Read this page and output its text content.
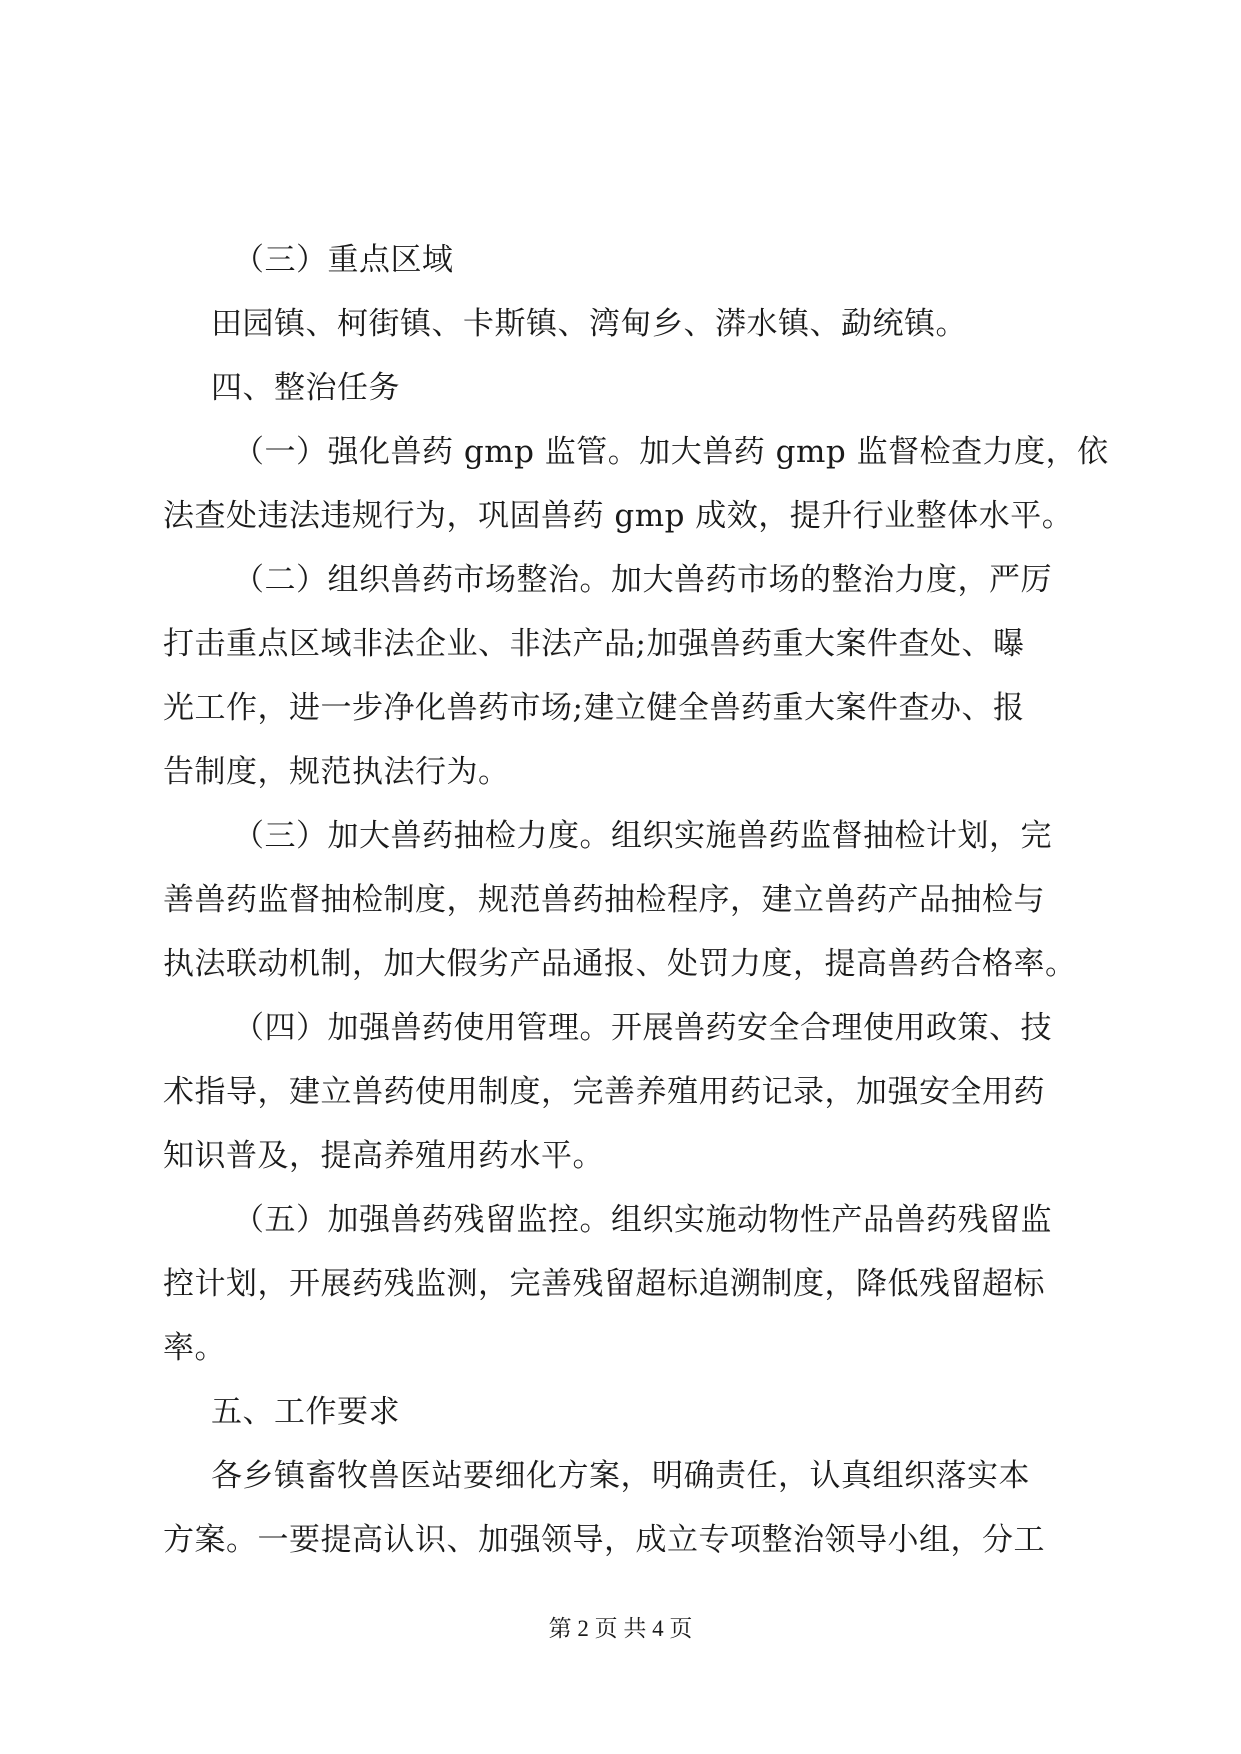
（三）重点区域
田园镇、柯街镇、卡斯镇、湾甸乡、漭水镇、勐统镇。
四、整治任务
（一）强化兽药 gmp 监管。加大兽药 gmp 监督检查力度，依
法查处违法违规行为，巩固兽药 gmp 成效，提升行业整体水平。
（二）组织兽药市场整治。加大兽药市场的整治力度，严厉
打击重点区域非法企业、非法产品;加强兽药重大案件查处、曝
光工作，进一步净化兽药市场;建立健全兽药重大案件查办、报
告制度，规范执法行为。
（三）加大兽药抽检力度。组织实施兽药监督抽检计划，完
善兽药监督抽检制度，规范兽药抽检程序，建立兽药产品抽检与
执法联动机制，加大假劣产品通报、处罚力度，提高兽药合格率。
（四）加强兽药使用管理。开展兽药安全合理使用政策、技
术指导，建立兽药使用制度，完善养殖用药记录，加强安全用药
知识普及，提高养殖用药水平。
（五）加强兽药残留监控。组织实施动物性产品兽药残留监
控计划，开展药残监测，完善残留超标追溯制度，降低残留超标
率。
五、工作要求
各乡镇畜牧兽医站要细化方案，明确责任，认真组织落实本
方案。一要提高认识、加强领导，成立专项整治领导小组，分工
第 2 页 共 4 页
